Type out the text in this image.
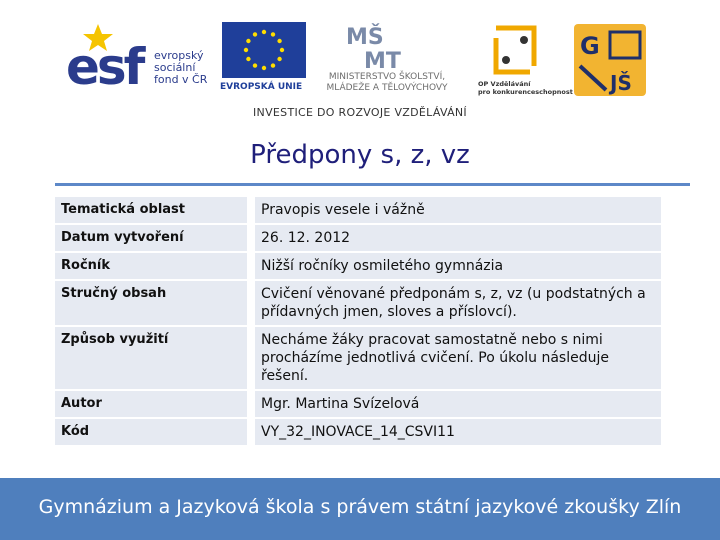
esf evropský
sociální
fond v ČR
EVROPSKÁ UNIE
MŠ
MT
MINISTERSTVO ŠKOLSTVÍ,
MLÁDEŽE A TĚLOVÝCHOVY	OP Vzdělávání
pro konkurenceschopnost
G
JŠ
INVESTICE DO ROZVOJE VZDĚLÁVÁNÍ
Předpony s, z, vz
Tematická oblast	Pravopis vesele i vážně
Datum vytvoření	26. 12. 2012
Ročník	Nižší ročníky osmiletého gymnázia
Stručný obsah	Cvičení věnované předponám s, z, vz (u podstatných a přídavných jmen, sloves a příslovcí).
Způsob využití	Necháme žáky pracovat samostatně nebo s nimi procházíme jednotlivá cvičení. Po úkolu následuje řešení.
Autor	Mgr. Martina Svízelová
Kód	VY_32_INOVACE_14_CSVI11
Gymnázium a Jazyková škola s právem státní jazykové zkoušky Zlín
